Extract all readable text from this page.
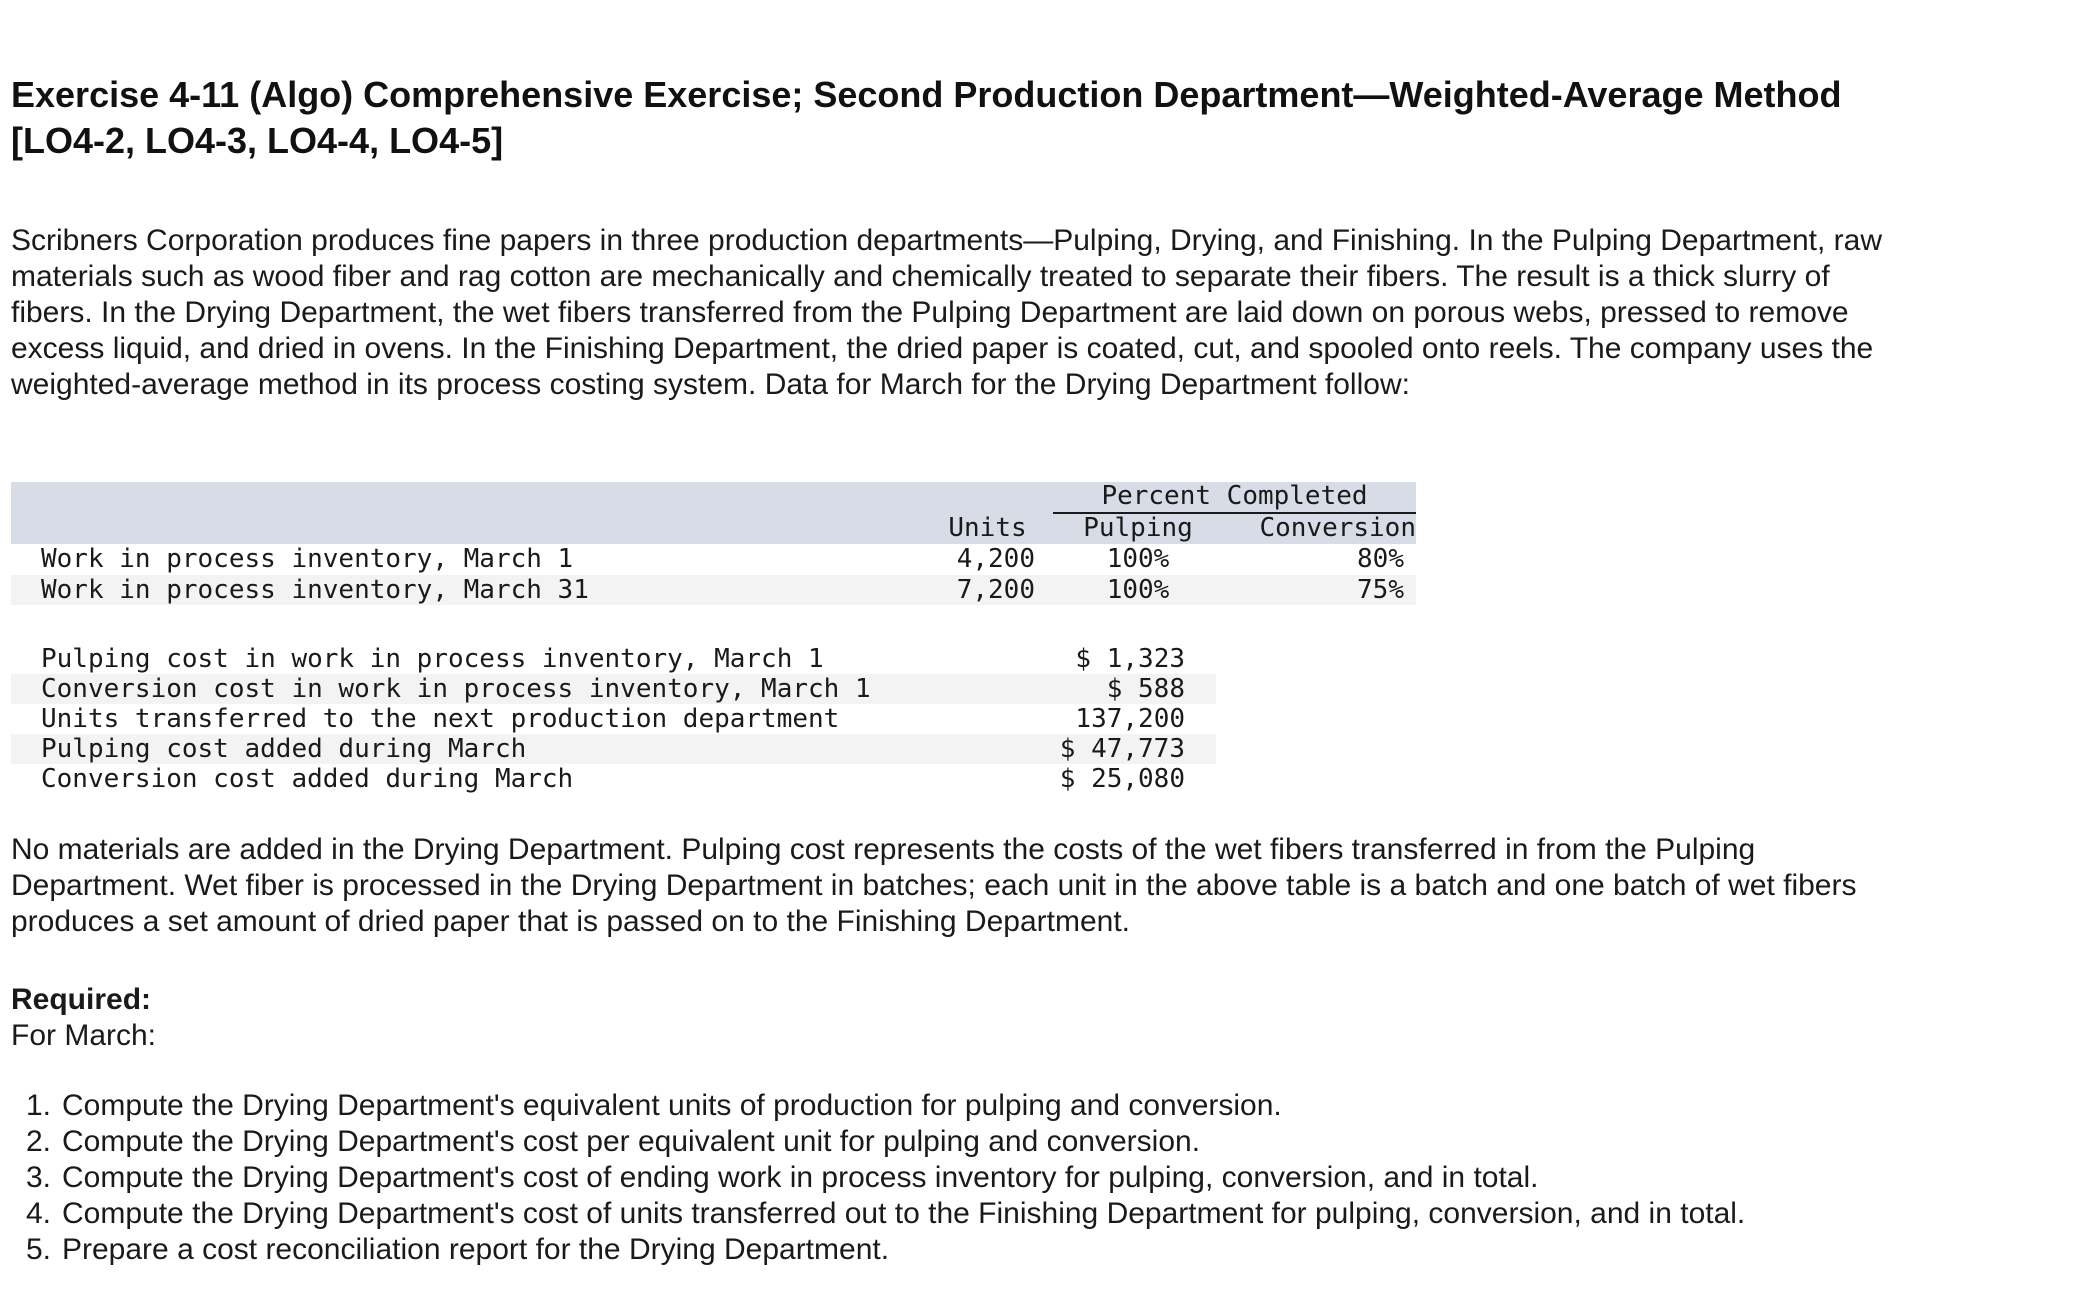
Exercise 4-11 (Algo) Comprehensive Exercise; Second Production Department—Weighted-Average Method [LO4-2, LO4-3, LO4-4, LO4-5]

Scribners Corporation produces fine papers in three production departments—Pulping, Drying, and Finishing. In the Pulping Department, raw materials such as wood fiber and rag cotton are mechanically and chemically treated to separate their fibers. The result is a thick slurry of fibers. In the Drying Department, the wet fibers transferred from the Pulping Department are laid down on porous webs, pressed to remove excess liquid, and dried in ovens. In the Finishing Department, the dried paper is coated, cut, and spooled onto reels. The company uses the weighted-average method in its process costing system. Data for March for the Drying Department follow:

Percent Completed
Units	Pulping	Conversion
Work in process inventory, March 1	4,200	100%	80%
Work in process inventory, March 31	7,200	100%	75%
Pulping cost in work in process inventory, March 1	$ 1,323
Conversion cost in work in process inventory, March 1	$ 588
Units transferred to the next production department	137,200
Pulping cost added during March	$ 47,773
Conversion cost added during March	$ 25,080

No materials are added in the Drying Department. Pulping cost represents the costs of the wet fibers transferred in from the Pulping Department. Wet fiber is processed in the Drying Department in batches; each unit in the above table is a batch and one batch of wet fibers produces a set amount of dried paper that is passed on to the Finishing Department.

Required:

For March:

1. Compute the Drying Department's equivalent units of production for pulping and conversion.
2. Compute the Drying Department's cost per equivalent unit for pulping and conversion.
3. Compute the Drying Department's cost of ending work in process inventory for pulping, conversion, and in total.
4. Compute the Drying Department's cost of units transferred out to the Finishing Department for pulping, conversion, and in total.
5. Prepare a cost reconciliation report for the Drying Department.
